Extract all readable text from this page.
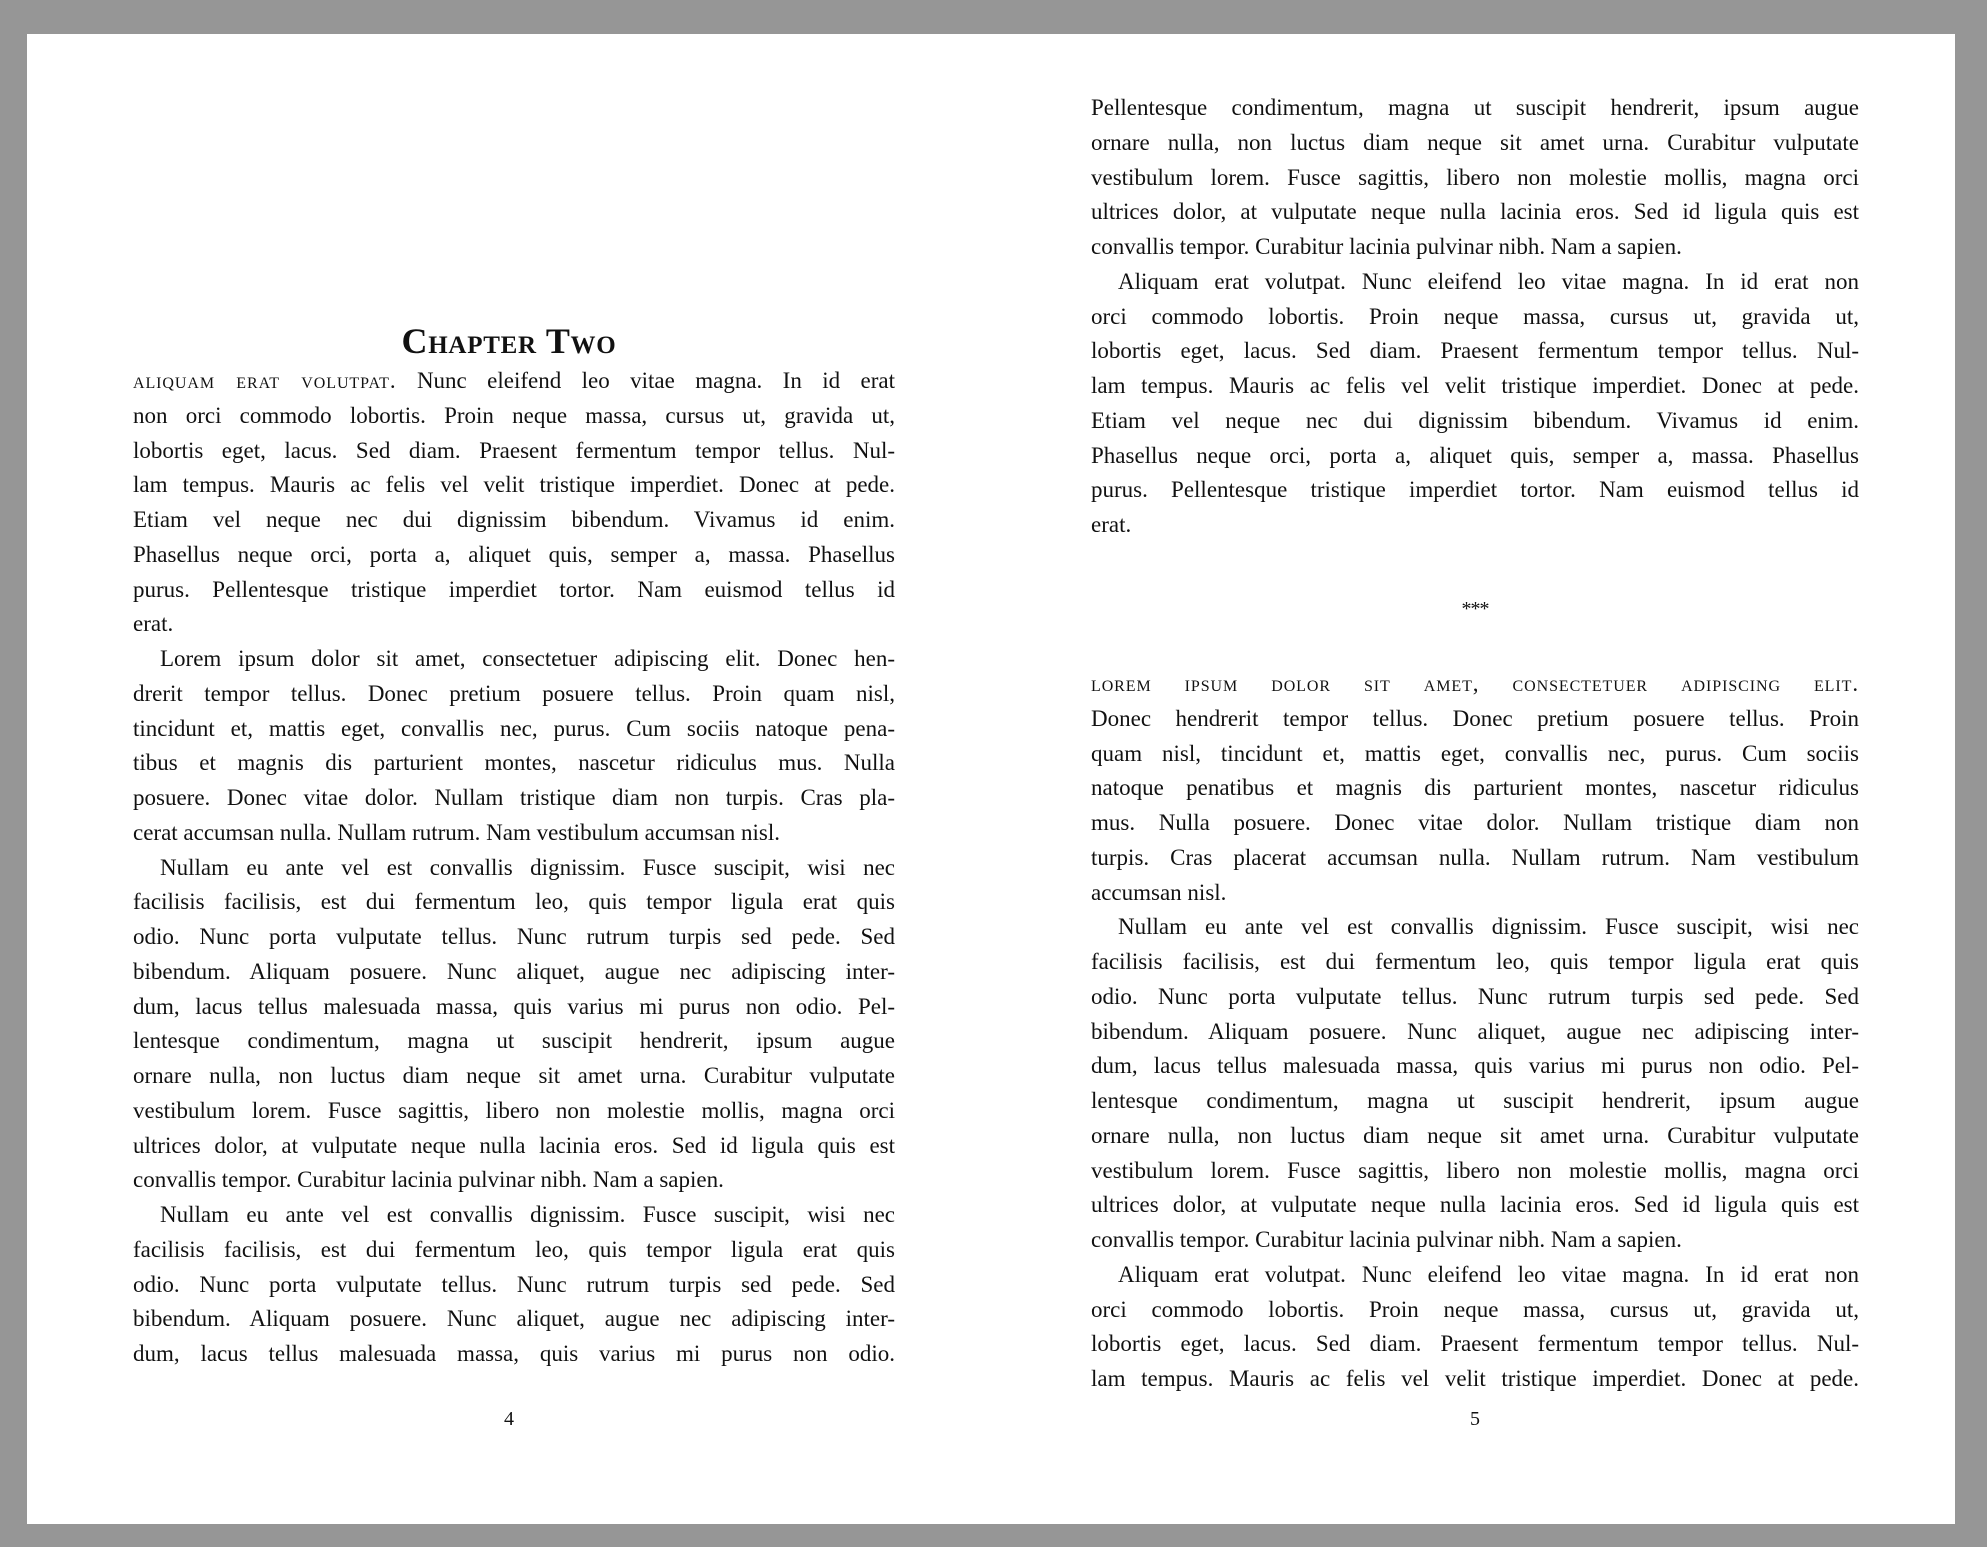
Chapter Two
aliquam erat volutpat. Nunc eleifend leo vitae magna. In id erat
non orci commodo lobortis. Proin neque massa, cursus ut, gravida ut,
lobortis eget, lacus. Sed diam. Praesent fermentum tempor tellus. Nul-
lam tempus. Mauris ac felis vel velit tristique imperdiet. Donec at pede.
Etiam vel neque nec dui dignissim bibendum. Vivamus id enim.
Phasellus neque orci, porta a, aliquet quis, semper a, massa. Phasellus
purus. Pellentesque tristique imperdiet tortor. Nam euismod tellus id
erat.
Lorem ipsum dolor sit amet, consectetuer adipiscing elit. Donec hen-
drerit tempor tellus. Donec pretium posuere tellus. Proin quam nisl,
tincidunt et, mattis eget, convallis nec, purus. Cum sociis natoque pena-
tibus et magnis dis parturient montes, nascetur ridiculus mus. Nulla
posuere. Donec vitae dolor. Nullam tristique diam non turpis. Cras pla-
cerat accumsan nulla. Nullam rutrum. Nam vestibulum accumsan nisl.
Nullam eu ante vel est convallis dignissim. Fusce suscipit, wisi nec
facilisis facilisis, est dui fermentum leo, quis tempor ligula erat quis
odio. Nunc porta vulputate tellus. Nunc rutrum turpis sed pede. Sed
bibendum. Aliquam posuere. Nunc aliquet, augue nec adipiscing inter-
dum, lacus tellus malesuada massa, quis varius mi purus non odio. Pel-
lentesque condimentum, magna ut suscipit hendrerit, ipsum augue
ornare nulla, non luctus diam neque sit amet urna. Curabitur vulputate
vestibulum lorem. Fusce sagittis, libero non molestie mollis, magna orci
ultrices dolor, at vulputate neque nulla lacinia eros. Sed id ligula quis est
convallis tempor. Curabitur lacinia pulvinar nibh. Nam a sapien.
Nullam eu ante vel est convallis dignissim. Fusce suscipit, wisi nec
facilisis facilisis, est dui fermentum leo, quis tempor ligula erat quis
odio. Nunc porta vulputate tellus. Nunc rutrum turpis sed pede. Sed
bibendum. Aliquam posuere. Nunc aliquet, augue nec adipiscing inter-
dum, lacus tellus malesuada massa, quis varius mi purus non odio.
4
Pellentesque condimentum, magna ut suscipit hendrerit, ipsum augue
ornare nulla, non luctus diam neque sit amet urna. Curabitur vulputate
vestibulum lorem. Fusce sagittis, libero non molestie mollis, magna orci
ultrices dolor, at vulputate neque nulla lacinia eros. Sed id ligula quis est
convallis tempor. Curabitur lacinia pulvinar nibh. Nam a sapien.
Aliquam erat volutpat. Nunc eleifend leo vitae magna. In id erat non
orci commodo lobortis. Proin neque massa, cursus ut, gravida ut,
lobortis eget, lacus. Sed diam. Praesent fermentum tempor tellus. Nul-
lam tempus. Mauris ac felis vel velit tristique imperdiet. Donec at pede.
Etiam vel neque nec dui dignissim bibendum. Vivamus id enim.
Phasellus neque orci, porta a, aliquet quis, semper a, massa. Phasellus
purus. Pellentesque tristique imperdiet tortor. Nam euismod tellus id
erat.
***
lorem ipsum dolor sit amet, consectetuer adipiscing elit.
Donec hendrerit tempor tellus. Donec pretium posuere tellus. Proin
quam nisl, tincidunt et, mattis eget, convallis nec, purus. Cum sociis
natoque penatibus et magnis dis parturient montes, nascetur ridiculus
mus. Nulla posuere. Donec vitae dolor. Nullam tristique diam non
turpis. Cras placerat accumsan nulla. Nullam rutrum. Nam vestibulum
accumsan nisl.
Nullam eu ante vel est convallis dignissim. Fusce suscipit, wisi nec
facilisis facilisis, est dui fermentum leo, quis tempor ligula erat quis
odio. Nunc porta vulputate tellus. Nunc rutrum turpis sed pede. Sed
bibendum. Aliquam posuere. Nunc aliquet, augue nec adipiscing inter-
dum, lacus tellus malesuada massa, quis varius mi purus non odio. Pel-
lentesque condimentum, magna ut suscipit hendrerit, ipsum augue
ornare nulla, non luctus diam neque sit amet urna. Curabitur vulputate
vestibulum lorem. Fusce sagittis, libero non molestie mollis, magna orci
ultrices dolor, at vulputate neque nulla lacinia eros. Sed id ligula quis est
convallis tempor. Curabitur lacinia pulvinar nibh. Nam a sapien.
Aliquam erat volutpat. Nunc eleifend leo vitae magna. In id erat non
orci commodo lobortis. Proin neque massa, cursus ut, gravida ut,
lobortis eget, lacus. Sed diam. Praesent fermentum tempor tellus. Nul-
lam tempus. Mauris ac felis vel velit tristique imperdiet. Donec at pede.
5
